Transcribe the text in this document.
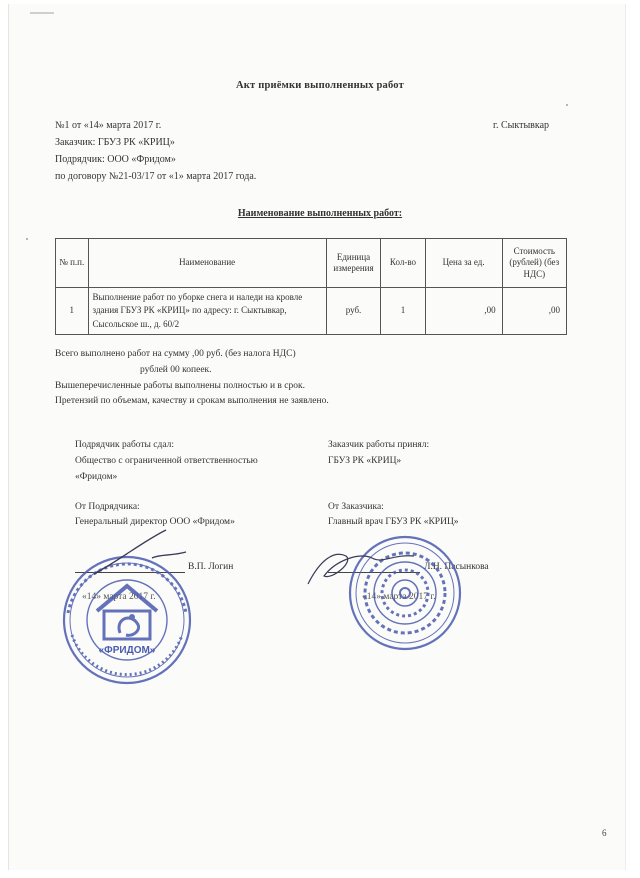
Акт приёмки выполненных работ
№1 от «14» марта 2017 г.	г. Сыктывкар
Заказчик: ГБУЗ РК «КРИЦ»
Подрядчик: ООО «Фридом»
по договору №21-03/17 от «1» марта 2017 года.
Наименование выполненных работ:
№ п.п.	Наименование	Единица измерения	Кол-во	Цена за ед.	Стоимость (рублей) (без НДС)
1	Выполнение работ по уборке снега и наледи на кровле здания ГБУЗ РК «КРИЦ» по адресу: г. Сыктывкар, Сысольское ш., д. 60/2	руб.	1	,00	,00
Всего выполнено работ на сумму ,00 руб. (без налога НДС)
рублей 00 копеек.
Вышеперечисленные работы выполнены полностью и в срок.
Претензий по объемам, качеству и срокам выполнения не заявлено.
Подрядчик работы сдал:
Общество с ограниченной ответственностью
«Фридом»
От Подрядчика:
Генеральный директор ООО «Фридом»
В.П. Логин
«14» марта 2017 г.
Заказчик работы принял:
ГБУЗ РК «КРИЦ»
От Заказчика:
Главный врач ГБУЗ РК «КРИЦ»
Л.Н. Пасынкова
«14» марта 2017 г.
«ФРИДОМ»
6
